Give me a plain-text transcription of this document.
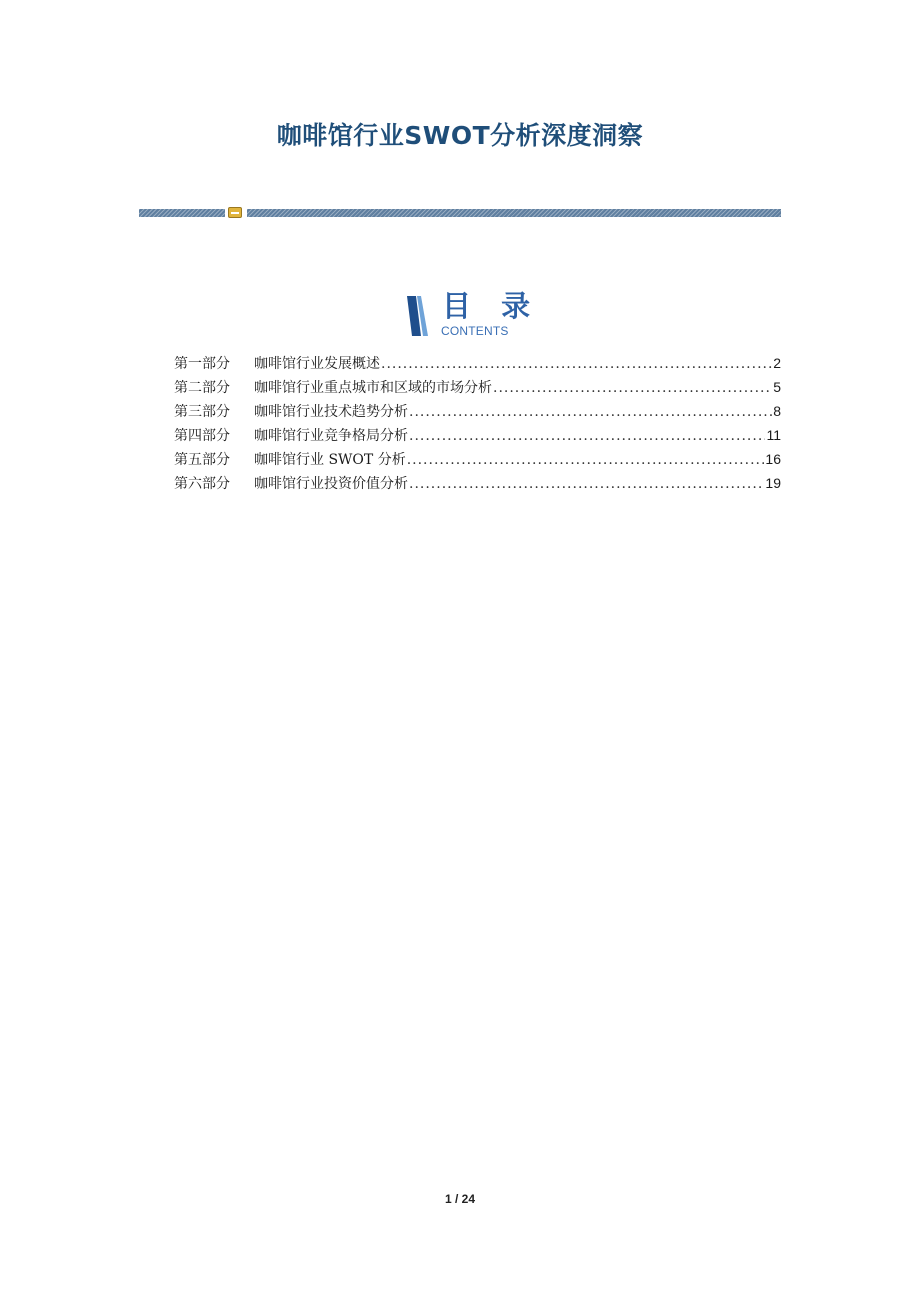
咖啡馆行业SWOT分析深度洞察
目 录
CONTENTS
第一部分	咖啡馆行业发展概述 .....	2
第二部分	咖啡馆行业重点城市和区域的市场分析 .....	5
第三部分	咖啡馆行业技术趋势分析 .....	8
第四部分	咖啡馆行业竞争格局分析 .....	11
第五部分	咖啡馆行业 SWOT 分析 .....	16
第六部分	咖啡馆行业投资价值分析 .....	19
1 / 24
